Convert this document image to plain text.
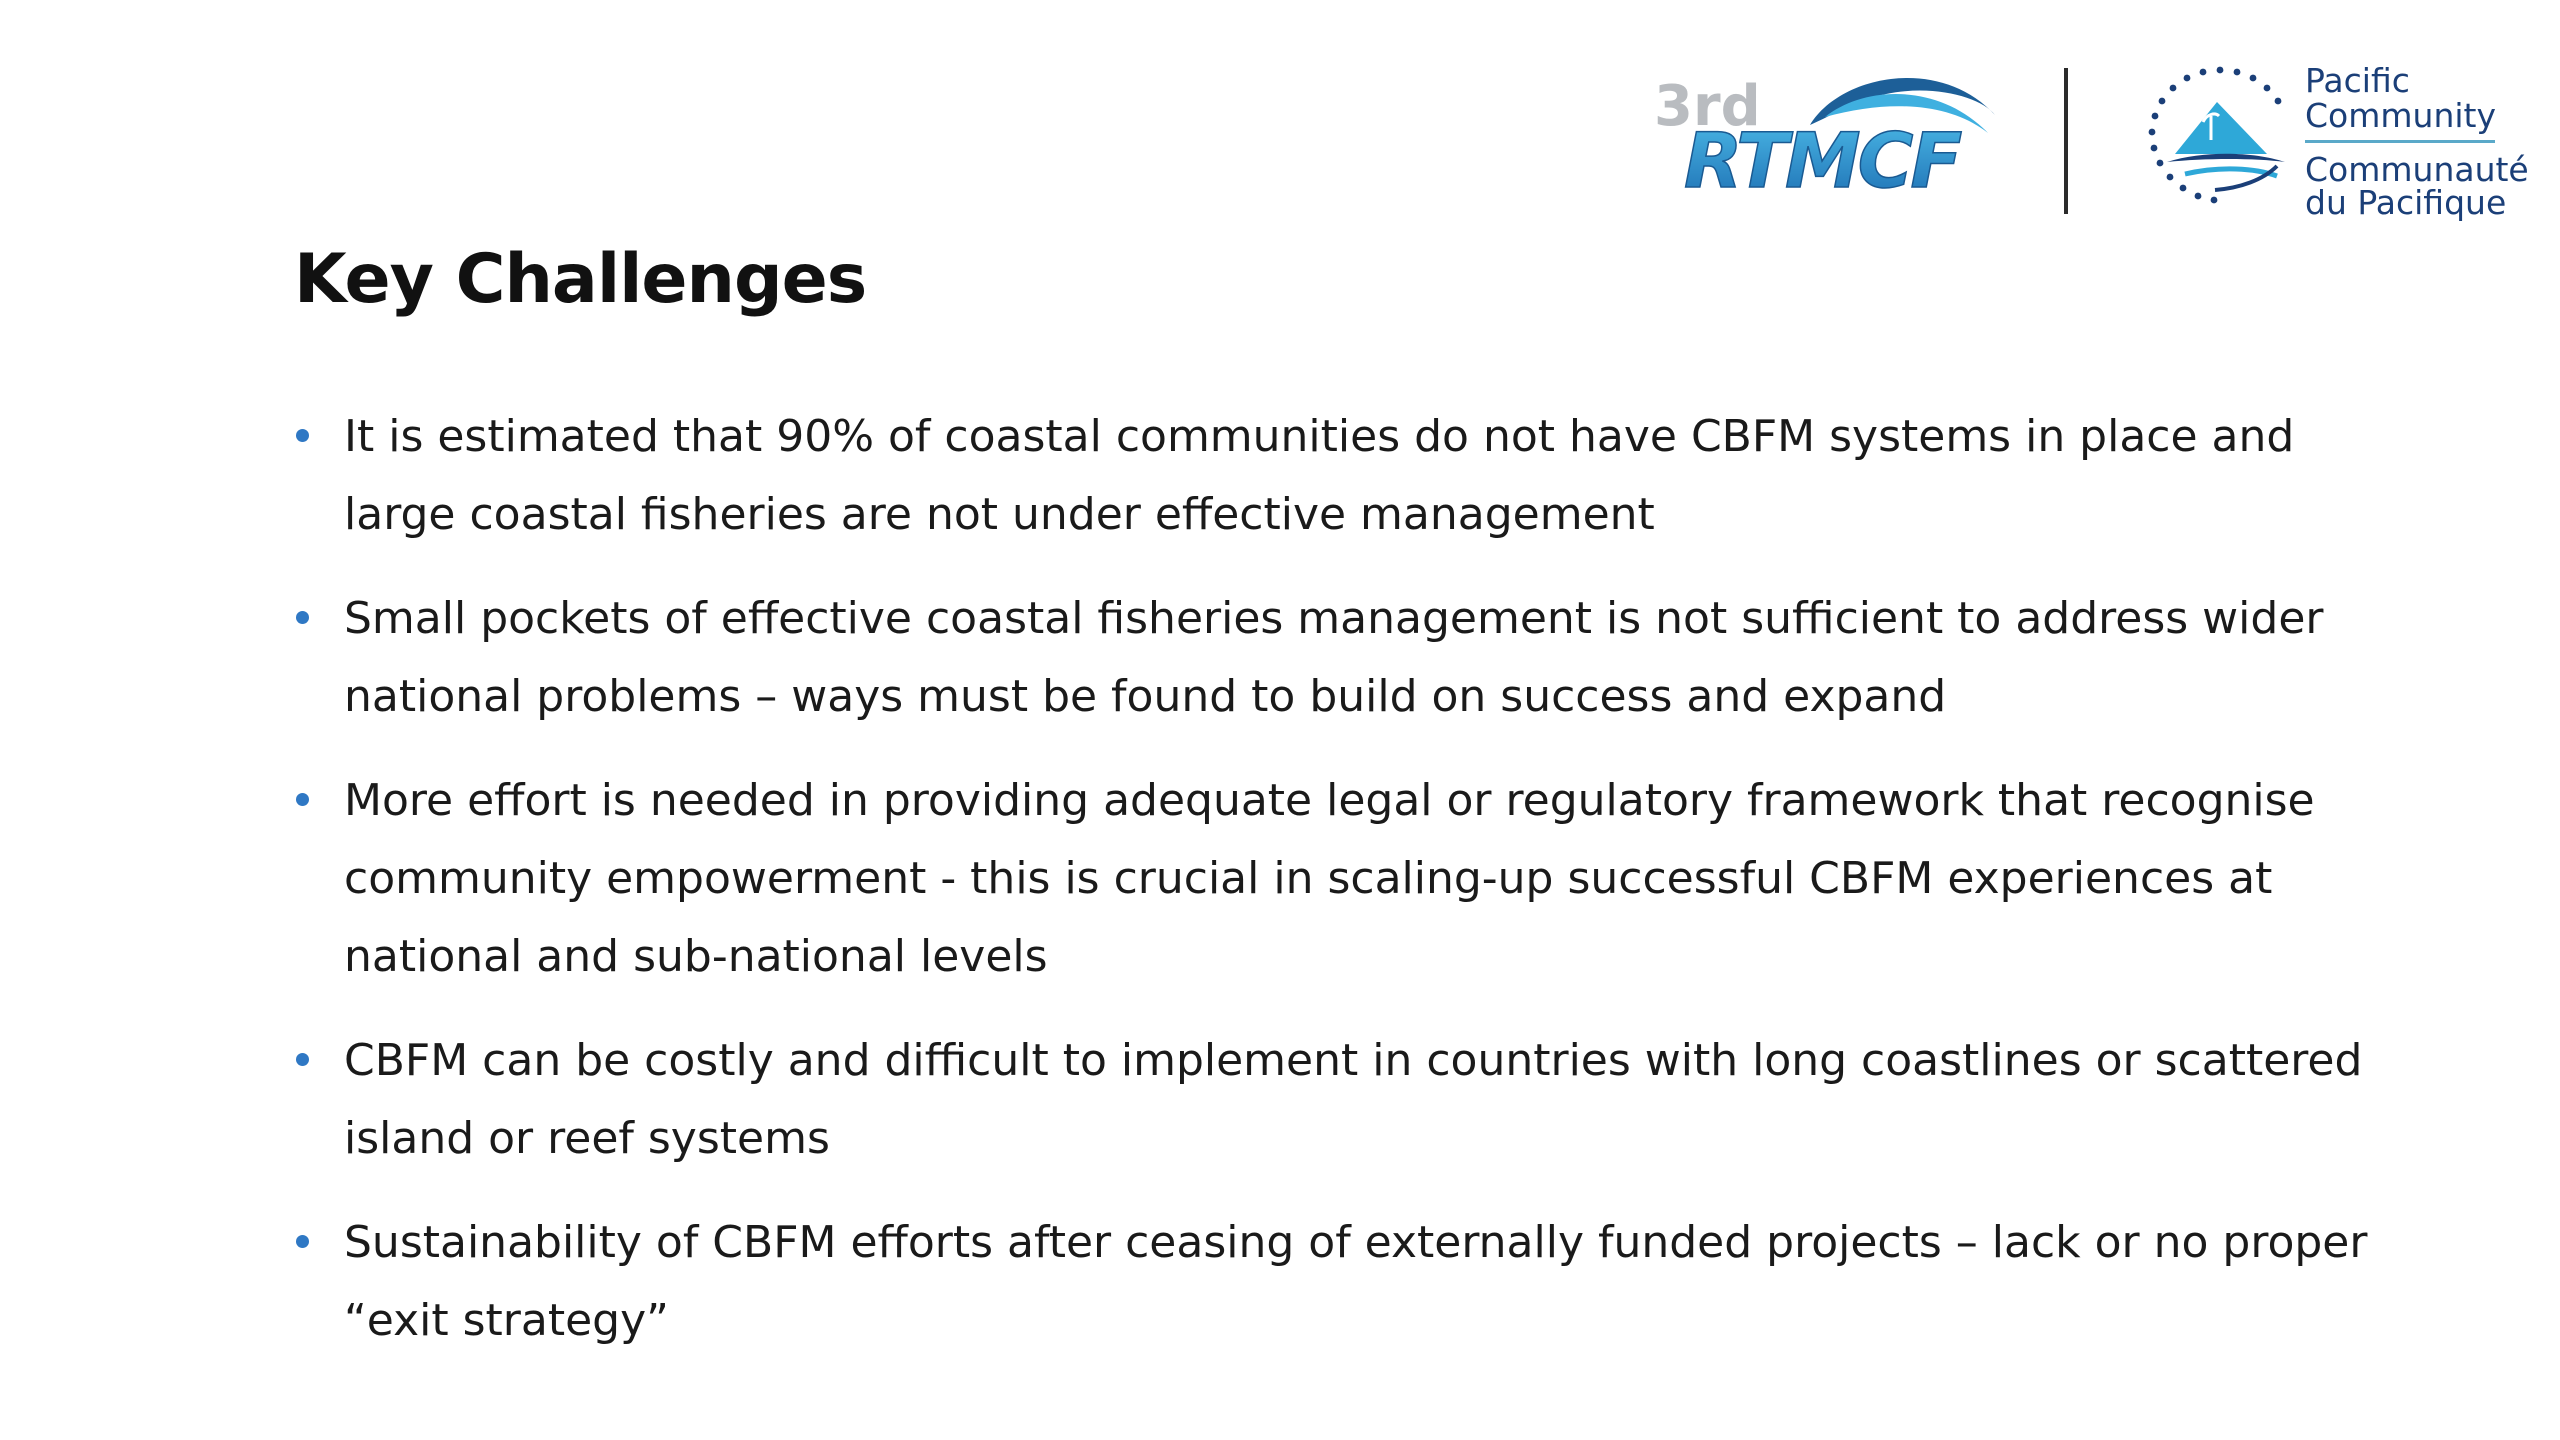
3rd
RTMCF
Pacific
Community
Communauté
du Pacifique
Key Challenges
It is estimated that 90% of coastal communities do not have CBFM systems in place and large coastal fisheries are not under effective management
Small pockets of effective coastal fisheries management is not sufficient to address wider national problems – ways must be found to build on success and expand
More effort is needed in providing adequate legal or regulatory framework that recognise community empowerment - this is crucial in scaling-up successful CBFM experiences at national and sub-national levels
CBFM can be costly and difficult to implement in countries with long coastlines or scattered island or reef systems
Sustainability of CBFM efforts after ceasing of externally funded projects – lack or no proper “exit strategy”
